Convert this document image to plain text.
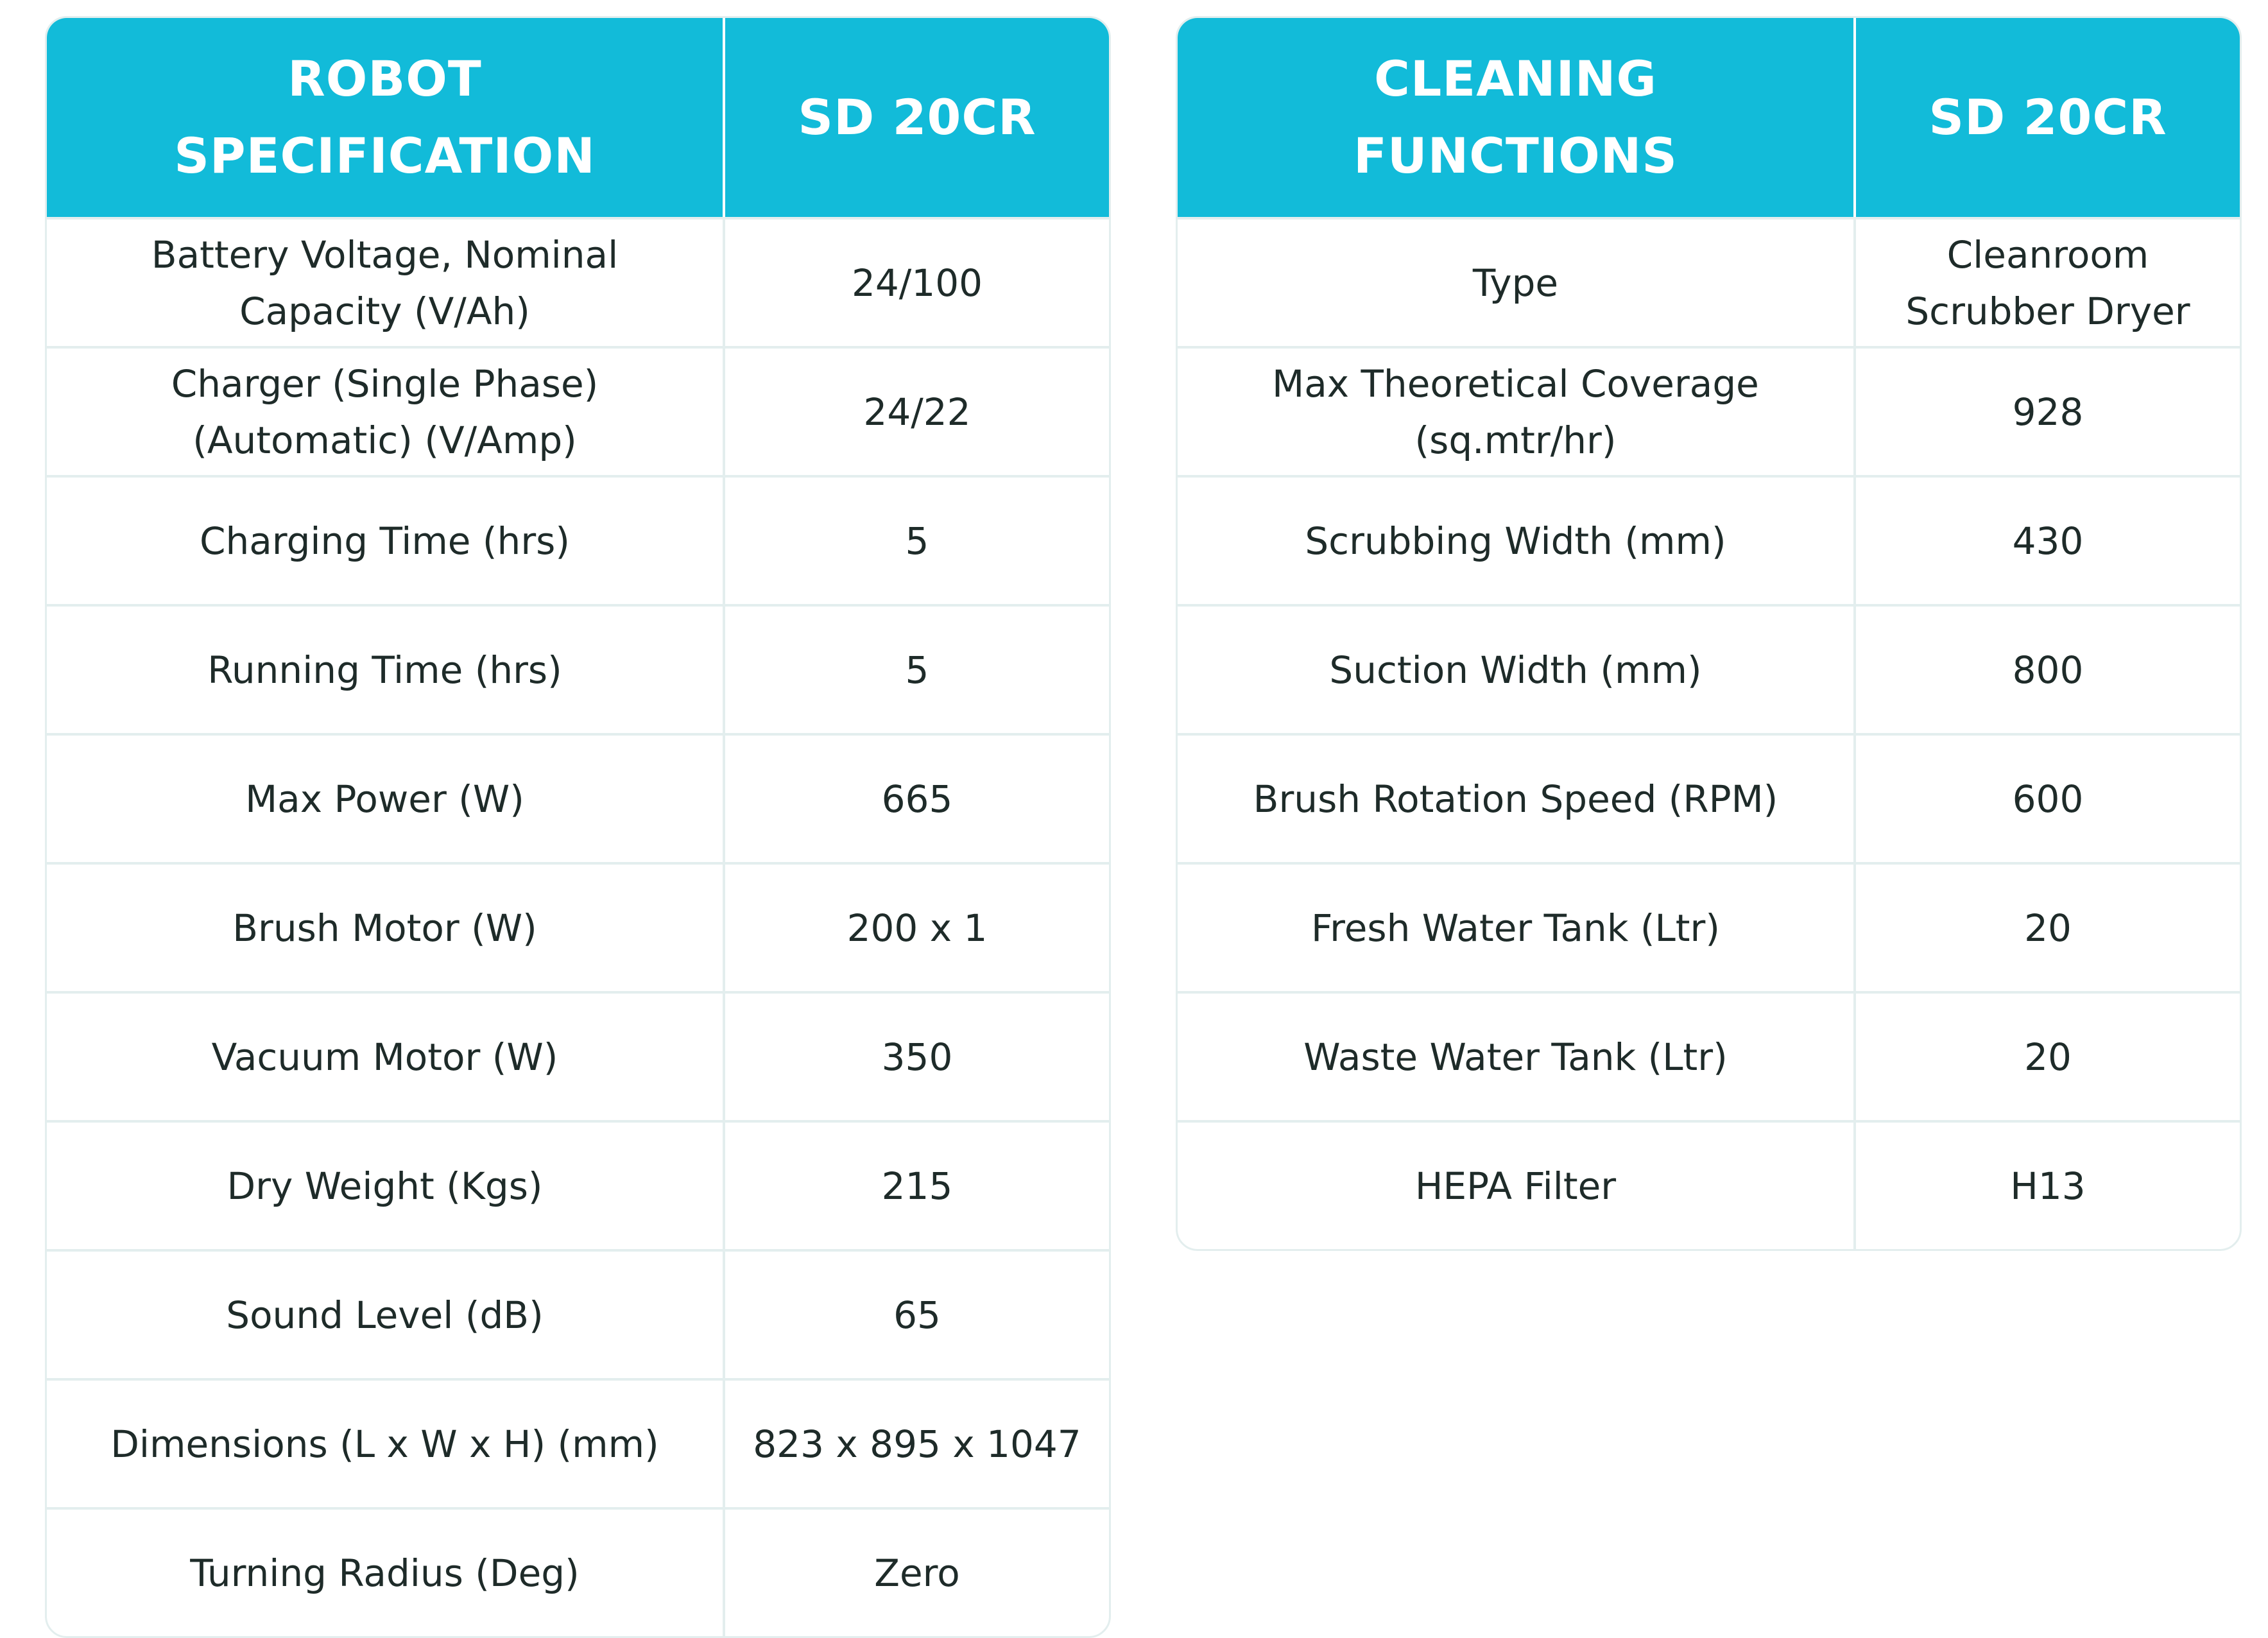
ROBOT
SPECIFICATION	SD 20CR
Battery Voltage, Nominal
Capacity (V/Ah)	24/100
Charger (Single Phase)
(Automatic) (V/Amp)	24/22
Charging Time (hrs)	5
Running Time (hrs)	5
Max Power (W)	665
Brush Motor (W)	200 x 1
Vacuum Motor (W)	350
Dry Weight (Kgs)	215
Sound Level (dB)	65
Dimensions (L x W x H) (mm)	823 x 895 x 1047
Turning Radius (Deg)	Zero
CLEANING
FUNCTIONS	SD 20CR
Type	Cleanroom
Scrubber Dryer
Max Theoretical Coverage
(sq.mtr/hr)	928
Scrubbing Width (mm)	430
Suction Width (mm)	800
Brush Rotation Speed (RPM)	600
Fresh Water Tank (Ltr)	20
Waste Water Tank (Ltr)	20
HEPA Filter	H13
